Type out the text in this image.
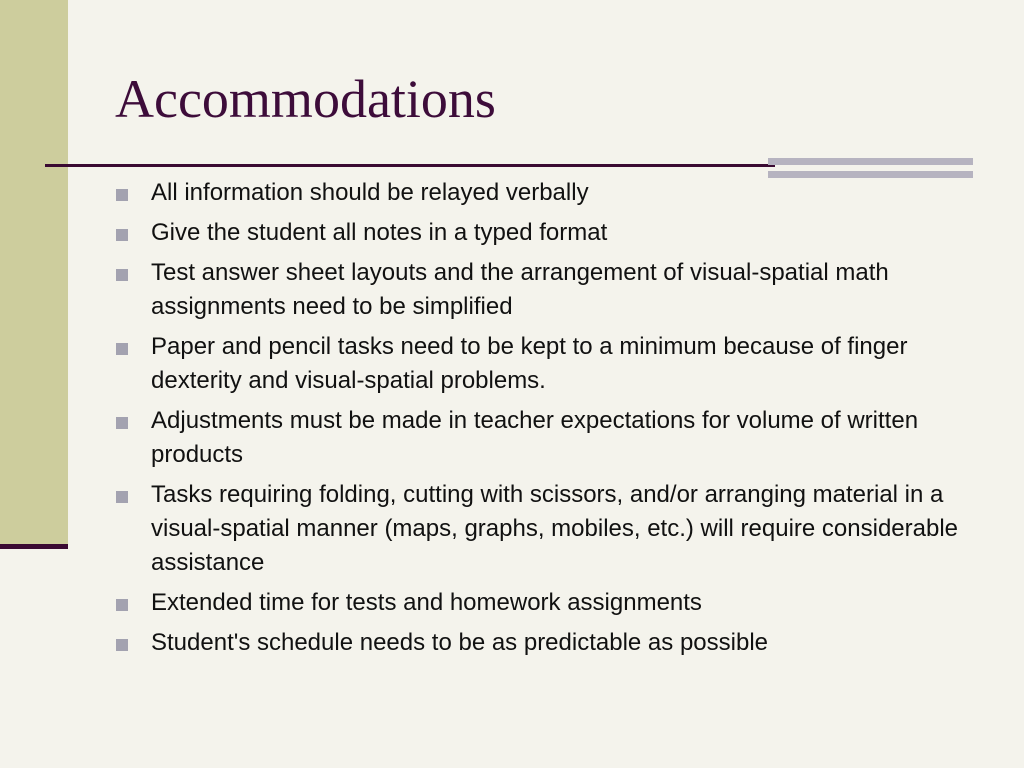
Accommodations
All information should be relayed verbally
Give the student all notes in a typed format
Test answer sheet layouts and the arrangement of visual-spatial math assignments need to be simplified
Paper and pencil tasks need to be kept to a minimum because of finger dexterity and visual-spatial problems.
Adjustments must be made in teacher expectations for volume of written products
Tasks requiring folding, cutting with scissors, and/or arranging material in a visual-spatial manner (maps, graphs, mobiles, etc.) will require considerable assistance
Extended time for tests and homework assignments
Student's schedule needs to be as predictable as possible
